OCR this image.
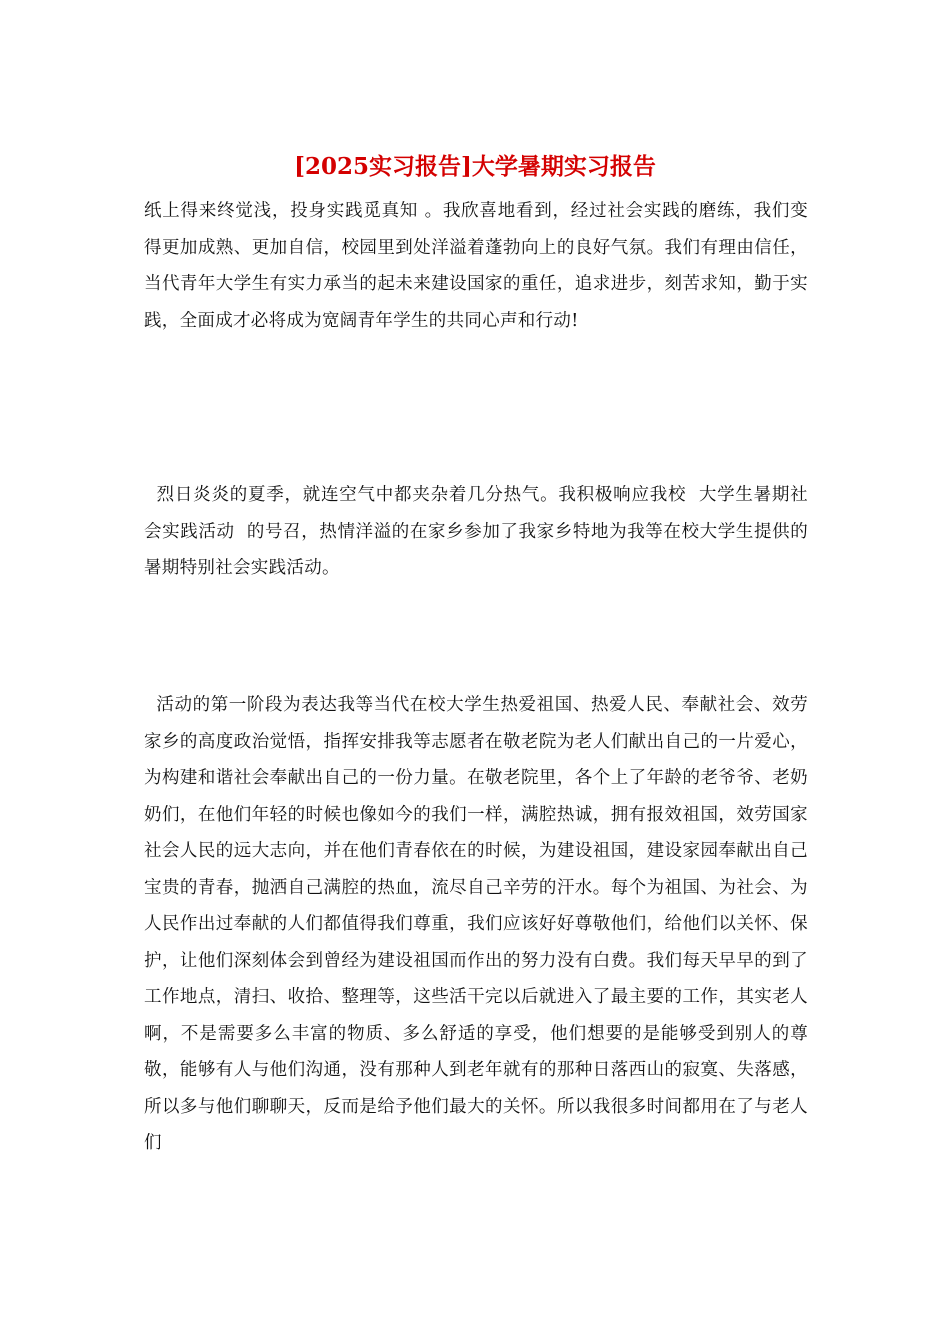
[2025实习报告]大学暑期实习报告

纸上得来终觉浅，投身实践觅真知 。我欣喜地看到，经过社会实践的磨练，我们变得更加成熟、更加自信，校园里到处洋溢着蓬勃向上的良好气氛。我们有理由信任，当代青年大学生有实力承当的起未来建设国家的重任，追求进步，刻苦求知，勤于实践，全面成才必将成为宽阔青年学生的共同心声和行动!

烈日炎炎的夏季，就连空气中都夹杂着几分热气。我积极响应我校  大学生暑期社会实践活动  的号召，热情洋溢的在家乡参加了我家乡特地为我等在校大学生提供的暑期特别社会实践活动。

活动的第一阶段为表达我等当代在校大学生热爱祖国、热爱人民、奉献社会、效劳家乡的高度政治觉悟，指挥安排我等志愿者在敬老院为老人们献出自己的一片爱心，为构建和谐社会奉献出自己的一份力量。在敬老院里，各个上了年龄的老爷爷、老奶奶们，在他们年轻的时候也像如今的我们一样，满腔热诚，拥有报效祖国，效劳国家社会人民的远大志向，并在他们青春依在的时候，为建设祖国，建设家园奉献出自己宝贵的青春，抛洒自己满腔的热血，流尽自己辛劳的汗水。每个为祖国、为社会、为人民作出过奉献的人们都值得我们尊重，我们应该好好尊敬他们，给他们以关怀、保护，让他们深刻体会到曾经为建设祖国而作出的努力没有白费。我们每天早早的到了工作地点，清扫、收拾、整理等，这些活干完以后就进入了最主要的工作，其实老人啊，不是需要多么丰富的物质、多么舒适的享受，他们想要的是能够受到别人的尊敬，能够有人与他们沟通，没有那种人到老年就有的那种日落西山的寂寞、失落感，所以多与他们聊聊天，反而是给予他们最大的关怀。所以我很多时间都用在了与老人们
